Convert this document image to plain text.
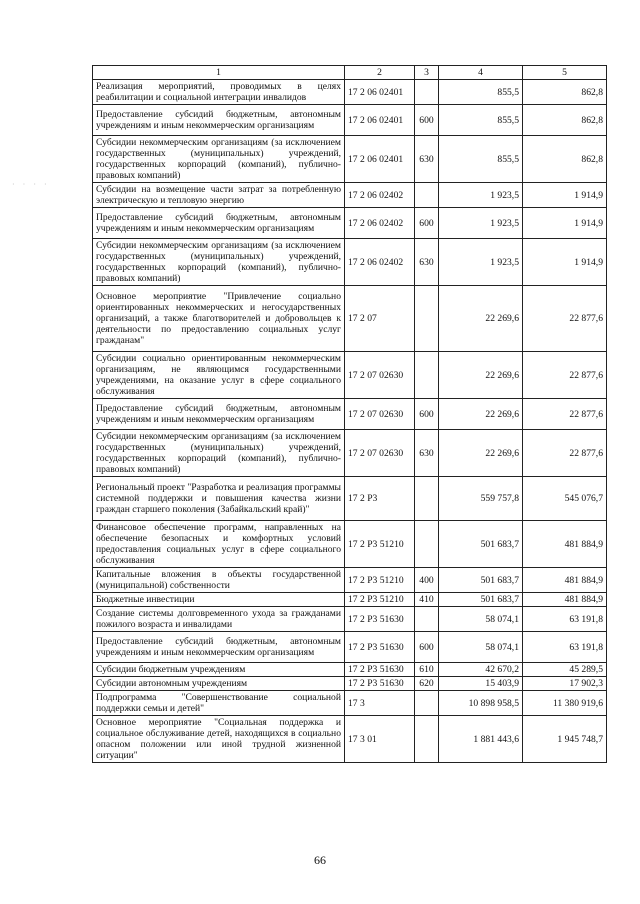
1	2	3	4	5
Реализация мероприятий, проводимых в целях реабилитации и социальной интеграции инвалидов	17 2 06 02401		855,5	862,8
Предоставление субсидий бюджетным, автономным учреждениям и иным некоммерческим организациям	17 2 06 02401	600	855,5	862,8
Субсидии некоммерческим организациям (за исключением государственных (муниципальных) учреждений, государственных корпораций (компаний), публично-правовых компаний)	17 2 06 02401	630	855,5	862,8
Субсидии на возмещение части затрат за потребленную электрическую и тепловую энергию	17 2 06 02402		1 923,5	1 914,9
Предоставление субсидий бюджетным, автономным учреждениям и иным некоммерческим организациям	17 2 06 02402	600	1 923,5	1 914,9
Субсидии некоммерческим организациям (за исключением государственных (муниципальных) учреждений, государственных корпораций (компаний), публично-правовых компаний)	17 2 06 02402	630	1 923,5	1 914,9
Основное мероприятие "Привлечение социально ориентированных некоммерческих и негосударственных организаций, а также благотворителей и добровольцев к деятельности по предоставлению социальных услуг гражданам"	17 2 07		22 269,6	22 877,6
Субсидии социально ориентированным некоммерческим организациям, не являющимся государственными учреждениями, на оказание услуг в сфере социального обслуживания	17 2 07 02630		22 269,6	22 877,6
Предоставление субсидий бюджетным, автономным учреждениям и иным некоммерческим организациям	17 2 07 02630	600	22 269,6	22 877,6
Субсидии некоммерческим организациям (за исключением государственных (муниципальных) учреждений, государственных корпораций (компаний), публично-правовых компаний)	17 2 07 02630	630	22 269,6	22 877,6
Региональный проект "Разработка и реализация программы системной поддержки и повышения качества жизни граждан старшего поколения (Забайкальский край)"	17 2 P3		559 757,8	545 076,7
Финансовое обеспечение программ, направленных на обеспечение безопасных и комфортных условий предоставления социальных услуг в сфере социального обслуживания	17 2 P3 51210		501 683,7	481 884,9
Капитальные вложения в объекты государственной (муниципальной) собственности	17 2 P3 51210	400	501 683,7	481 884,9
Бюджетные инвестиции	17 2 P3 51210	410	501 683,7	481 884,9
Создание системы долговременного ухода за гражданами пожилого возраста и инвалидами	17 2 P3 51630		58 074,1	63 191,8
Предоставление субсидий бюджетным, автономным учреждениям и иным некоммерческим организациям	17 2 P3 51630	600	58 074,1	63 191,8
Субсидии бюджетным учреждениям	17 2 P3 51630	610	42 670,2	45 289,5
Субсидии автономным учреждениям	17 2 P3 51630	620	15 403,9	17 902,3
Подпрограмма "Совершенствование социальной поддержки семьи и детей"	17 3		10 898 958,5	11 380 919,6
Основное мероприятие "Социальная поддержка и социальное обслуживание детей, находящихся в социально опасном положении или иной трудной жизненной ситуации"	17 3 01		1 881 443,6	1 945 748,7
· · · ·
66
